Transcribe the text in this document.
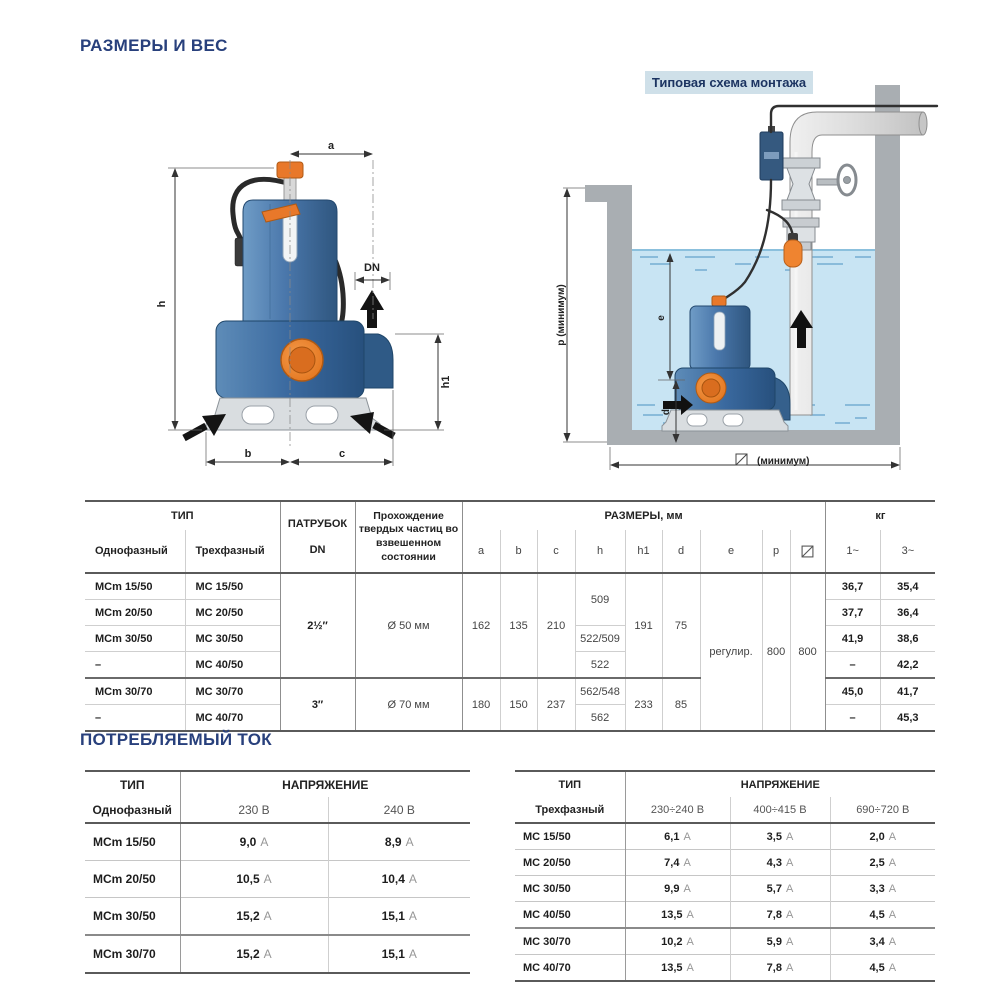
РАЗМЕРЫ И ВЕС
a
h
h1
b	c
DN
p (минимум)	e
d
(минимум)
Типовая схема монтажа
ТИП		ПАТРУБОК
DN	Прохождение твердых частиц во взвешенном состоянии	РАЗМЕРЫ, мм									кг	
Однофазный	Трехфазный			a	b	c	h	h1	d	e	p		1~	3~
MCm 15/50	MC 15/50	2½″	Ø 50 мм	162	135	210	509	191	75	регулир.	800	800	36,7	35,4
MCm 20/50	MC 20/50												37,7	36,4
MCm 30/50	MC 30/50						522/509						41,9	38,6
–	MC 40/50						522						–	42,2
MCm 30/70	MC 30/70	3″	Ø 70 мм	180	150	237	562/548	233	85				45,0	41,7
–	MC 40/70						562						–	45,3
ПОТРЕБЛЯЕМЫЙ ТОК
ТИП	НАПРЯЖЕНИЕ	
Однофазный	230 В	240 В
MCm 15/50	9,0 A	8,9 A
MCm 20/50	10,5 A	10,4 A
MCm 30/50	15,2 A	15,1 A
MCm 30/70	15,2 A	15,1 A
ТИП	НАПРЯЖЕНИЕ		
Трехфазный	230÷240 В	400÷415 В	690÷720 В
MC 15/50	6,1 A	3,5 A	2,0 A
MC 20/50	7,4 A	4,3 A	2,5 A
MC 30/50	9,9 A	5,7 A	3,3 A
MC 40/50	13,5 A	7,8 A	4,5 A
MC 30/70	10,2 A	5,9 A	3,4 A
MC 40/70	13,5 A	7,8 A	4,5 A
